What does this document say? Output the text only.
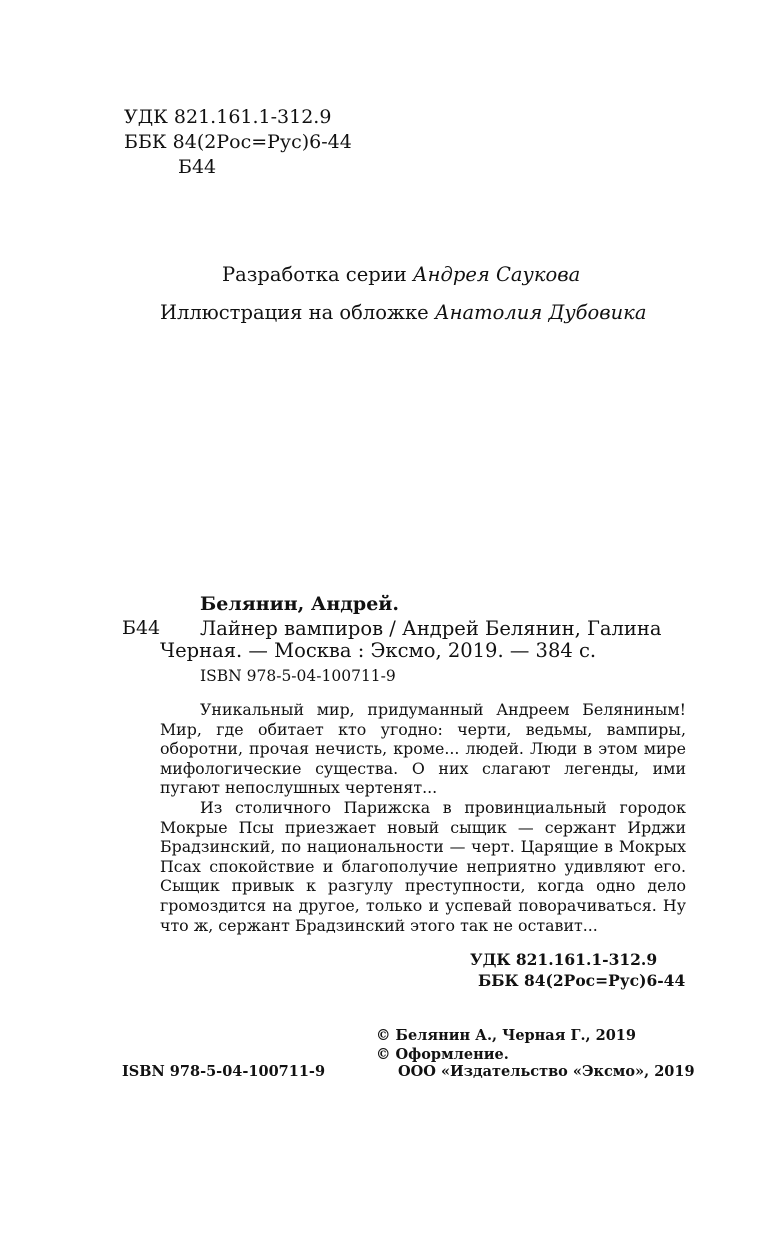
УДК 821.161.1-312.9
ББК 84(2Рос=Рус)6-44
Б44
Разработка серии Андрея Саукова
Иллюстрация на обложке Анатолия Дубовика
Белянин, Андрей.
Б44 Лайнер вампиров / Андрей Белянин, Галина
Черная. — Москва : Эксмо, 2019. — 384 с.
ISBN 978-5-04-100711-9

Уникальный мир, придуманный Андреем Беляниным! Мир, где обитает кто угодно: черти, ведьмы, вампиры, оборотни, прочая нечисть, кроме... людей. Люди в этом мире мифологические существа. О них слагают легенды, ими пугают непослушных чертенят...

Из столичного Парижска в провинциальный городок Мокрые Псы приезжает новый сыщик — сержант Ирджи Брадзинский, по национальности — черт. Царящие в Мокрых Псах спокойствие и благополучие неприятно удивляют его. Сыщик привык к разгулу преступности, когда одно дело громоздится на другое, только и успевай поворачиваться. Ну что ж, сержант Брадзинский этого так не оставит...

УДК 821.161.1-312.9
ББК 84(2Рос=Рус)6-44
© Белянин А., Черная Г., 2019
© Оформление.
ISBN 978-5-04-100711-9	ООО «Издательство «Эксмо», 2019
